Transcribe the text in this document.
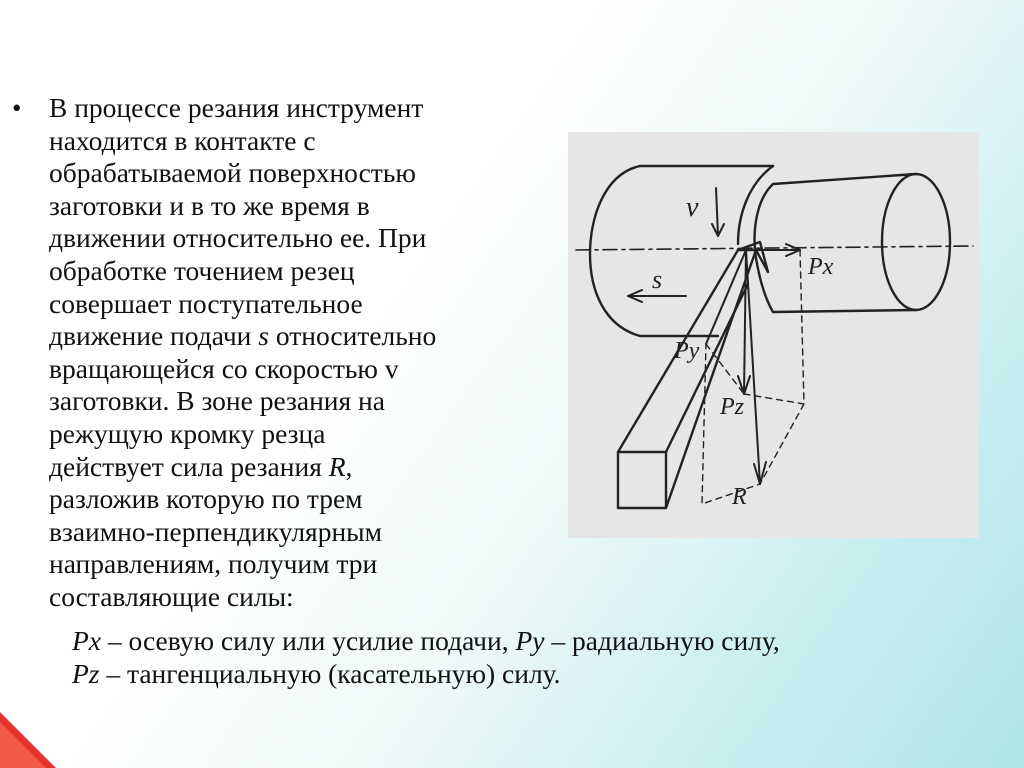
• В процессе резания инструмент
находится в контакте с
обрабатываемой поверхностью
заготовки и в то же время в
движении относительно ее. При
обработке точением резец
совершает поступательное
движение подачи s относительно
вращающейся со скоростью v
заготовки. В зоне резания на
режущую кромку резца
действует сила резания R,
разложив которую по трем
взаимно-перпендикулярным
направлениям, получим три
составляющие силы:
Px – осевую силу или усилие подачи, Py – радиальную силу,
Pz – тангенциальную (касательную) силу.
v
s	Px
Py
Pz
R
